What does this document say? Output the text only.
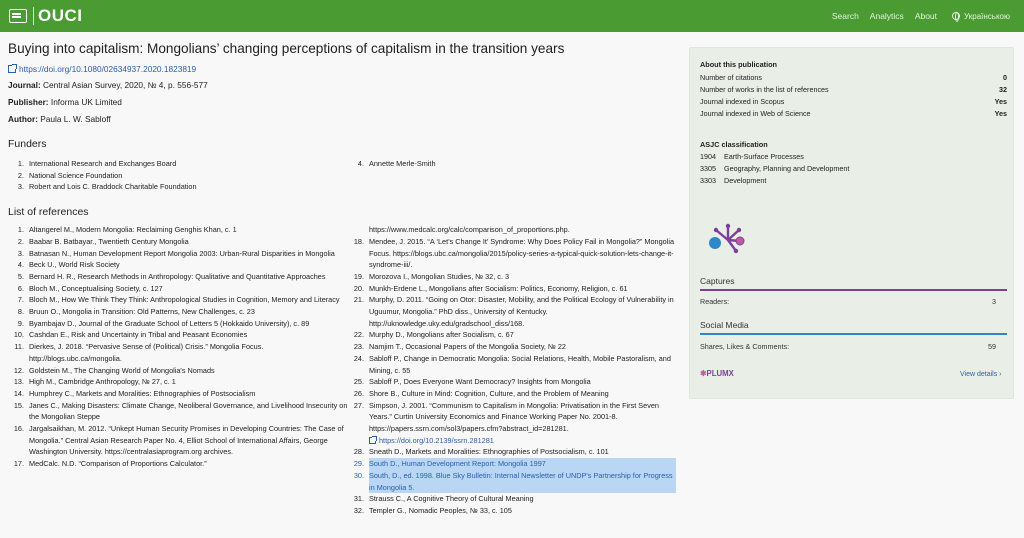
OUCI	Search Analytics About	Українською
Buying into capitalism: Mongolians’ changing perceptions of capitalism in the transition years
https://doi.org/10.1080/02634937.2020.1823819
Journal: Central Asian Survey, 2020, № 4, p. 556-577
Publisher: Informa UK Limited
Author: Paula L. W. Sabloff
Funders
1. International Research and Exchanges Board
2. National Science Foundation
3. Robert and Lois C. Braddock Charitable Foundation
4. Annette Merle-Smith
List of references
1. Altangerel M., Modern Mongolia: Reclaiming Genghis Khan, c. 1
2. Baabar B. Batbayar., Twentieth Century Mongolia
3. Batnasan N., Human Development Report Mongolia 2003: Urban-Rural Disparities in Mongolia
4. Beck U., World Risk Society
5. Bernard H. R., Research Methods in Anthropology: Qualitative and Quantitative Approaches
6. Bloch M., Conceptualising Society, c. 127
7. Bloch M., How We Think They Think: Anthropological Studies in Cognition, Memory and Literacy
8. Bruun O., Mongolia in Transition: Old Patterns, New Challenges, c. 23
9. Byambajav D., Journal of the Graduate School of Letters 5 (Hokkaido University), c. 89
10. Cashdan E., Risk and Uncertainty in Tribal and Peasant Economies
11. Dierkes, J. 2018. “Pervasive Sense of (Political) Crisis.” Mongolia Focus. http://blogs.ubc.ca/mongolia.
12. Goldstein M., The Changing World of Mongolia's Nomads
13. High M., Cambridge Anthropology, № 27, c. 1
14. Humphrey C., Markets and Moralities: Ethnographies of Postsocialism
15. Janes C., Making Disasters: Climate Change, Neoliberal Governance, and Livelihood Insecurity on the Mongolian Steppe
16. Jargalsaikhan, M. 2012. “Unkept Human Security Promises in Developing Countries: The Case of Mongolia.” Central Asian Research Paper No. 4, Elliot School of International Affairs, George Washington University. https://centralasiaprogram.org archives.
17. MedCalc. N.D. “Comparison of Proportions Calculator.”
https://www.medcalc.org/calc/comparison_of_proportions.php.
18. Mendee, J. 2015. “A ‘Let’s Change It’ Syndrome: Why Does Policy Fail in Mongolia?” Mongolia Focus. https://blogs.ubc.ca/mongolia/2015/policy-series-a-typical-quick-solution-lets-change-it-syndrome-iii/.
19. Morozova I., Mongolian Studies, № 32, c. 3
20. Munkh-Erdene L., Mongolians after Socialism: Politics, Economy, Religion, c. 61
21. Murphy, D. 2011. “Going on Otor: Disaster, Mobility, and the Political Ecology of Vulnerability in Uguumur, Mongolia.” PhD diss., University of Kentucky. http://uknowledge.uky.edu/gradschool_diss/168.
22. Murphy D., Mongolians after Socialism, c. 67
23. Namjim T., Occasional Papers of the Mongolia Society, № 22
24. Sabloff P., Change in Democratic Mongolia: Social Relations, Health, Mobile Pastoralism, and Mining, c. 55
25. Sabloff P., Does Everyone Want Democracy? Insights from Mongolia
26. Shore B., Culture in Mind: Cognition, Culture, and the Problem of Meaning
27. Simpson, J. 2001. “Communism to Capitalism in Mongolia: Privatisation in the First Seven Years.” Curtin University Economics and Finance Working Paper No. 2001-8. https://papers.ssrn.com/sol3/papers.cfm?abstract_id=281281.
https://doi.org/10.2139/ssrn.281281
28. Sneath D., Markets and Moralities: Ethnographies of Postsocialism, c. 101
29. South D., Human Development Report: Mongolia 1997
30. South, D., ed. 1998. Blue Sky Bulletin: Internal Newsletter of UNDP's Partnership for Progress in Mongolia 5.
31. Strauss C., A Cognitive Theory of Cultural Meaning
32. Templer G., Nomadic Peoples, № 33, c. 105
About this publication
Number of citations	0
Number of works in the list of references	32
Journal indexed in Scopus	Yes
Journal indexed in Web of Science	Yes
ASJC classification
1904 Earth-Surface Processes
3305 Geography, Planning and Development
3303 Development
Captures
Readers:	3
Social Media
Shares, Likes & Comments:	59
✱ PLUMX	View details ›
